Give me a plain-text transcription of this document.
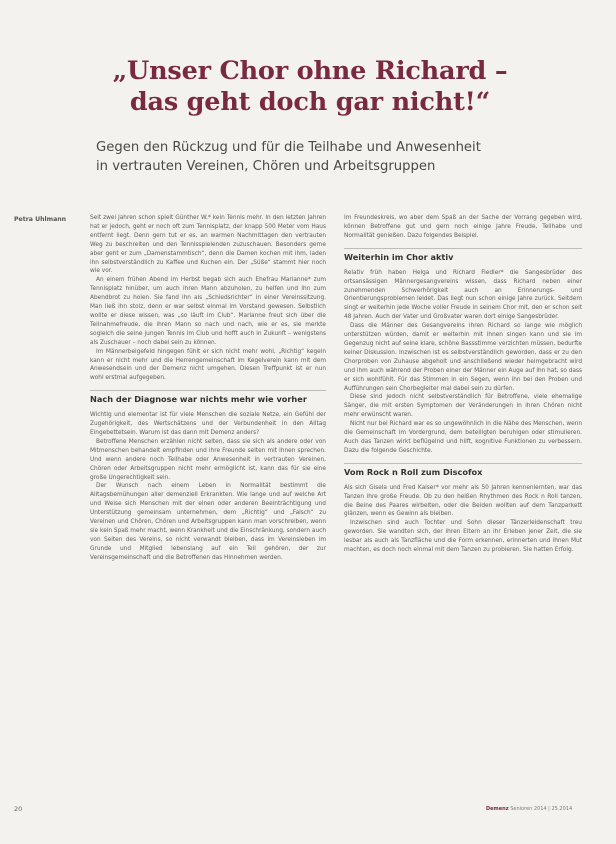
„Unser Chor ohne Richard –
das geht doch gar nicht!“
Gegen den Rückzug und für die Teilhabe und Anwesenheit
in vertrauten Vereinen, Chören und Arbeitsgruppen
Petra Uhlmann	Seit zwei Jahren schon spielt Günther W.* kein Tennis mehr. In den letzten Jahren hat er jedoch, geht er noch oft zum Tennisplatz, der knapp 500 Meter vom Haus entfernt liegt. Denn gern tut er es, an warmen Nachmittagen den vertrauten Weg zu beschreiten und den Tennisspielenden zuzuschauen. Besonders gerne aber geht er zum „Damenstammtisch“, denn die Damen kochen mit ihm, laden ihn selbstverständlich zu Kaffee und Kuchen ein. Der „Süße“ stammt hier noch wie vor.

An einem frühen Abend im Herbst begab sich auch Ehefrau Marianne* zum Tennisplatz hinüber, um auch ihren Mann abzuholen, zu helfen und ihn zum Abendbrot zu holen. Sie fand ihn als „Schiedsrichter“ in einer Vereinssitzung. Man ließ ihn stolz, denn er war selbst einmal im Vorstand gewesen. Selbstlich wollte er diese wissen, was „so läuft im Club“. Marianne freut sich über die Teilnahmefreude, die ihren Mann so nach und nach, wie er es, sie merkte sogleich die seine jungen Tennis im Club und hofft auch in Zukunft – wenigstens als Zuschauer – noch dabei sein zu können.

Im Männerbeigefeld hingegen fühlt er sich nicht mehr wohl, „Richtig“ kegeln kann er nicht mehr und die Herrengemeinschaft im Kegelverein kann mit dem Anwesendsein und der Demenz nicht umgehen. Diesen Treffpunkt ist er nun wohl erstmal aufgegeben.

Nach der Diagnose war nichts mehr wie vorher

Wichtig und elementar ist für viele Menschen die soziale Netze, ein Gefühl der Zugehörigkeit, des Wertschätzens und der Verbundenheit in den Alltag Eingebettetsein. Warum ist das dann mit Demenz anders?

Betroffene Menschen erzählen nicht selten, dass sie sich als andere oder von Mitmenschen behandelt empfinden und ihre Freunde selten mit ihnen sprechen. Und wenn andere noch Teilhabe oder Anwesenheit in vertrauten Vereinen, Chören oder Arbeitsgruppen nicht mehr ermöglicht ist, kann das für sie eine große Ungerechtigkeit sein.

Der Wunsch nach einem Leben in Normalität bestimmt die Alltagsbemühungen aller demenziell Erkrankten. Wie lange und auf welche Art und Weise sich Menschen mit der einen oder anderen Beeinträchtigung und Unterstützung gemeinsam unternehmen, dem „Richtig“ und „Falsch“ zu Vereinen und Chören, Chören und Arbeitsgruppen kann man vorschreiben, wenn sie kein Spaß mehr macht, wenn Krankheit und die Einschränkung, sondern auch von Seiten des Vereins, so nicht verwandt bleiben, dass im Vereinsleben im Grunde und Mitglied lebenslang auf ein Teil gehören, der zur Vereinsgemeinschaft und die Betroffenen das Hinnehmen werden.

Im Freundeskreis, wo aber dem Spaß an der Sache der Vorrang gegeben wird, können Betroffene gut und gern noch einige Jahre Freude, Teilhabe und Normalität genießen. Dazu folgendes Beispiel.

Weiterhin im Chor aktiv

Relativ früh haben Helga und Richard Fiedler* die Sangesbrüder des ortsansässigen Männergesangvereins wissen, dass Richard neben einer zunehmenden Schwerhörigkeit auch an Erinnerungs- und Orientierungsproblemen leidet. Das liegt nun schon einige Jahre zurück. Seitdem singt er weiterhin jede Woche voller Freude in seinem Chor mit, den er schon seit 48 Jahren. Auch der Vater und Großvater waren dort einige Sangesbrüder.

Dass die Männer des Gesangvereins ihren Richard so lange wie möglich unterstützen würden, damit er weiterhin mit ihnen singen kann und sie im Gegenzug nicht auf seine klare, schöne Bassstimme verzichten müssen, bedurfte keiner Diskussion. Inzwischen ist es selbstverständlich geworden, dass er zu den Chorproben von Zuhause abgeholt und anschließend wieder heimgebracht wird und ihm auch während der Proben einer der Männer ein Auge auf ihn hat, so dass er sich wohlfühlt. Für das Stimmen in ein Segen, wenn ihn bei den Proben und Aufführungen sein Chorbegleiter mal dabei sein zu dürfen.

Diese sind jedoch nicht selbstverständlich für Betroffene, viele ehemalige Sänger, die mit ersten Symptomen der Veränderungen in ihren Chören nicht mehr erwünscht waren.

Nicht nur bei Richard war es so ungewöhnlich in die Nähe des Menschen, wenn die Gemeinschaft im Vordergrund, dem beteiligten beruhigen oder stimulieren. Auch das Tanzen wirkt beflügelnd und hilft, kognitive Funktionen zu verbessern. Dazu die folgende Geschichte.

Vom Rock n Roll zum Discofox

Als sich Gisela und Fred Kaiser* vor mehr als 50 Jahren kennenlernten, war das Tanzen ihre große Freude. Ob zu den heißen Rhythmen des Rock n Roll tanzen, die Beine des Paares wirbelten, oder die Beiden wollten auf dem Tanzparkett glänzen, wenn es Gewinn als bleiben.

Inzwischen sind auch Tochter und Sohn dieser Tänzerleidenschaft treu geworden. Sie wandten sich, der ihren Eltern an ihr Erleben jener Zeit, die sie lesbar als auch als Tanzfläche und die Form erkennen, erinnerten und ihnen Mut machten, es doch noch einmal mit dem Tanzen zu probieren. Sie hatten Erfolg.

20	Demenz Senioren 2014 | 25.2014
